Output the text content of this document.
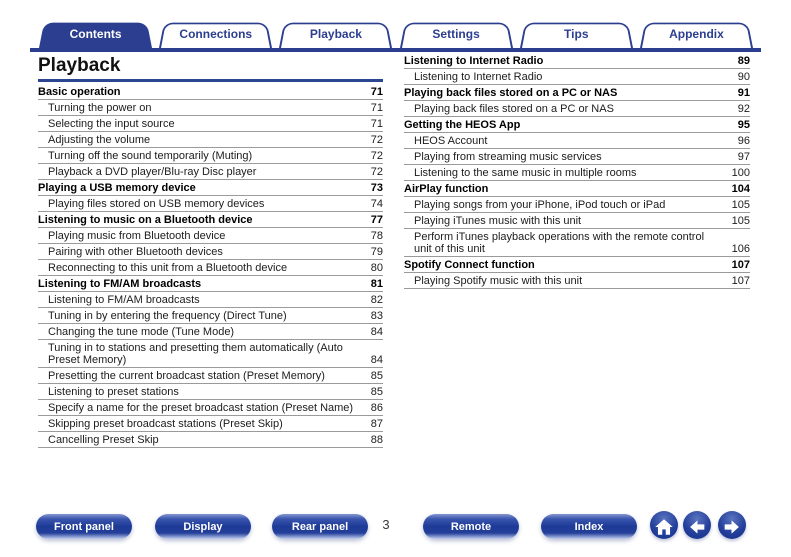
Contents	Connections	Playback	Settings	Tips	Appendix
Playback
Basic operation	71
Turning the power on	71
Selecting the input source	71
Adjusting the volume	72
Turning off the sound temporarily (Muting)	72
Playback a DVD player/Blu-ray Disc player	72
Playing a USB memory device	73
Playing files stored on USB memory devices	74
Listening to music on a Bluetooth device	77
Playing music from Bluetooth device	78
Pairing with other Bluetooth devices	79
Reconnecting to this unit from a Bluetooth device	80
Listening to FM/AM broadcasts	81
Listening to FM/AM broadcasts	82
Tuning in by entering the frequency (Direct Tune)	83
Changing the tune mode (Tune Mode)	84
Tuning in to stations and presetting them automatically (Auto Preset Memory)	84
Presetting the current broadcast station (Preset Memory)	85
Listening to preset stations	85
Specify a name for the preset broadcast station (Preset Name)	86
Skipping preset broadcast stations (Preset Skip)	87
Cancelling Preset Skip	88
Listening to Internet Radio	89
Listening to Internet Radio	90
Playing back files stored on a PC or NAS	91
Playing back files stored on a PC or NAS	92
Getting the HEOS App	95
HEOS Account	96
Playing from streaming music services	97
Listening to the same music in multiple rooms	100
AirPlay function	104
Playing songs from your iPhone, iPod touch or iPad	105
Playing iTunes music with this unit	105
Perform iTunes playback operations with the remote control unit of this unit	106
Spotify Connect function	107
Playing Spotify music with this unit	107
Front panel	Display	Rear panel	Remote	Index
3
